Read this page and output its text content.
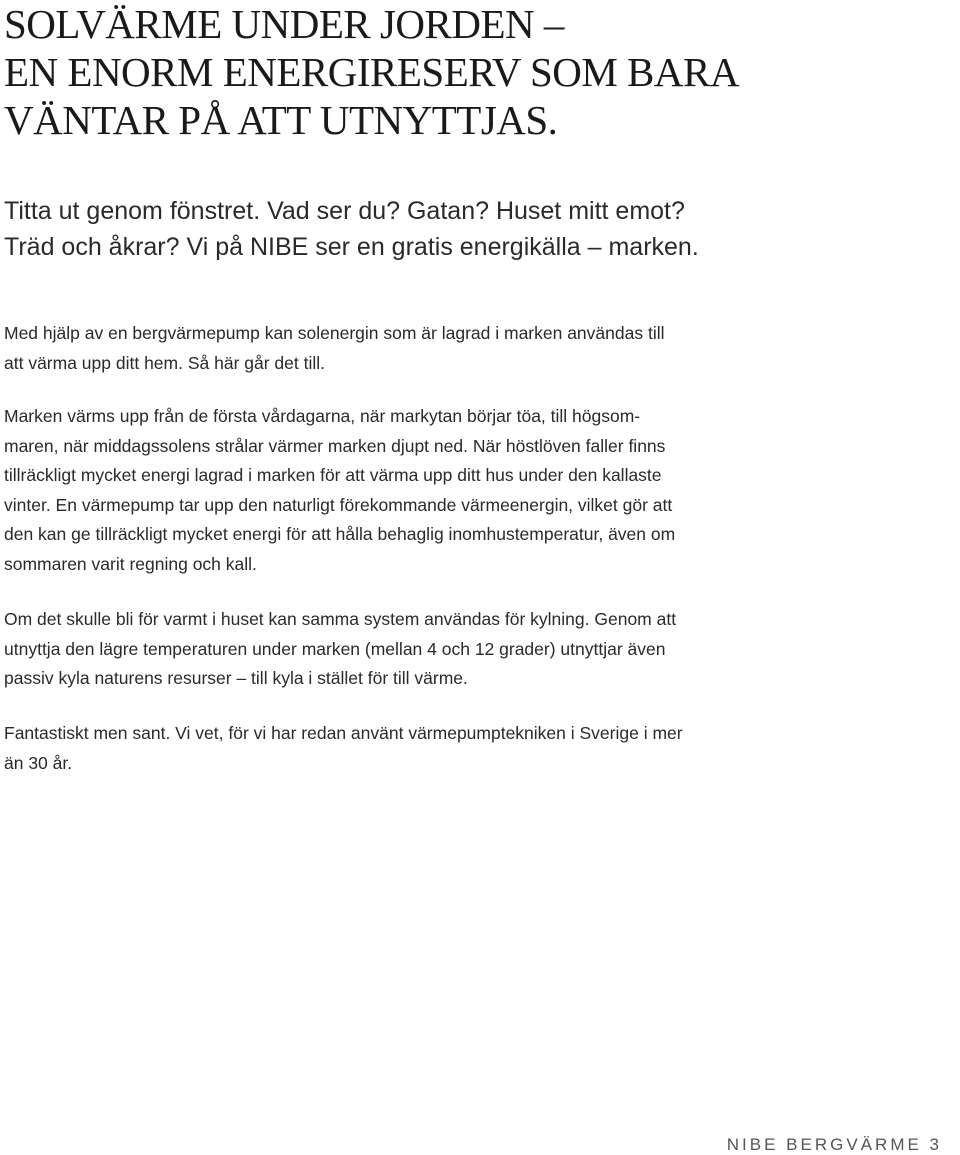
SOLVÄRME UNDER JORDEN –
EN ENORM ENERGIRESERV SOM BARA
VÄNTAR PÅ ATT UTNYTTJAS.

Titta ut genom fönstret. Vad ser du? Gatan? Huset mitt emot?
Träd och åkrar? Vi på NIBE ser en gratis energikälla – marken.

Med hjälp av en bergvärmepump kan solenergin som är lagrad i marken användas till
att värma upp ditt hem. Så här går det till.

Marken värms upp från de första vårdagarna, när markytan börjar töa, till högsom-
maren, när middagssolens strålar värmer marken djupt ned. När höstlöven faller finns
tillräckligt mycket energi lagrad i marken för att värma upp ditt hus under den kallaste
vinter. En värmepump tar upp den naturligt förekommande värmeenergin, vilket gör att
den kan ge tillräckligt mycket energi för att hålla behaglig inomhustemperatur, även om
sommaren varit regning och kall.

Om det skulle bli för varmt i huset kan samma system användas för kylning. Genom att
utnyttja den lägre temperaturen under marken (mellan 4 och 12 grader) utnyttjar även
passiv kyla naturens resurser – till kyla i stället för till värme.

Fantastiskt men sant. Vi vet, för vi har redan använt värmepumptekniken i Sverige i mer
än 30 år.

NIBE BERGVÄRME 3
